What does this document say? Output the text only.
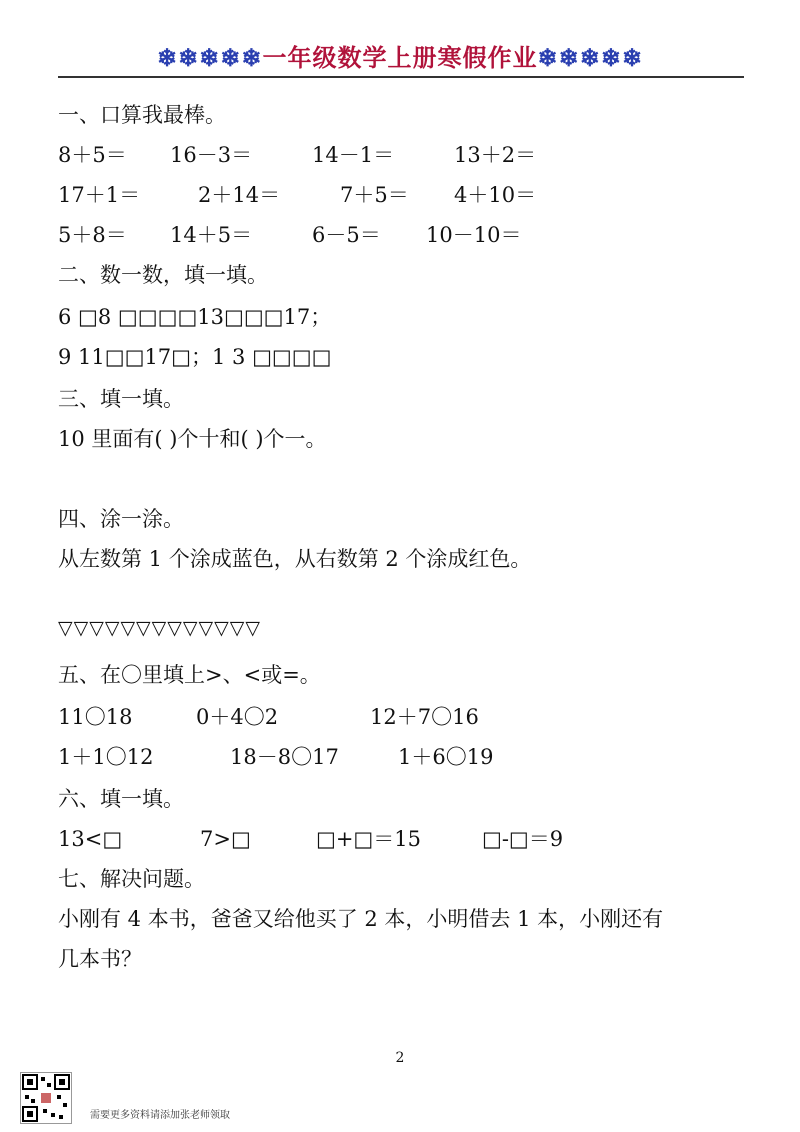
❄❄❄❄❄一年级数学上册寒假作业❄❄❄❄❄
一、口算我最棒。
8＋5＝ 16－3＝	14－1＝	13＋2＝
17＋1＝	2＋14＝	7＋5＝ 4＋10＝
5＋8＝ 14＋5＝	6－5＝ 10－10＝
二、数一数，填一填。
6 □8 □□□□13□□□17；
9 11□□17□；1 3 □□□□
三、填一填。
10 里面有( )个十和( )个一。
四、涂一涂。
从左数第 1 个涂成蓝色，从右数第 2 个涂成红色。
▽▽▽▽▽▽▽▽▽▽▽▽▽
五、在〇里填上>、<或=。
11〇18	0＋4〇2	12＋7〇16
1＋1〇12	18－8〇17	1＋6〇19
六、填一填。
13<□	7>□	□+□＝15	□-□＝9
七、解决问题。
小刚有 4 本书，爸爸又给他买了 2 本，小明借去 1 本，小刚还有
几本书？
2
需要更多资料请添加张老师领取
